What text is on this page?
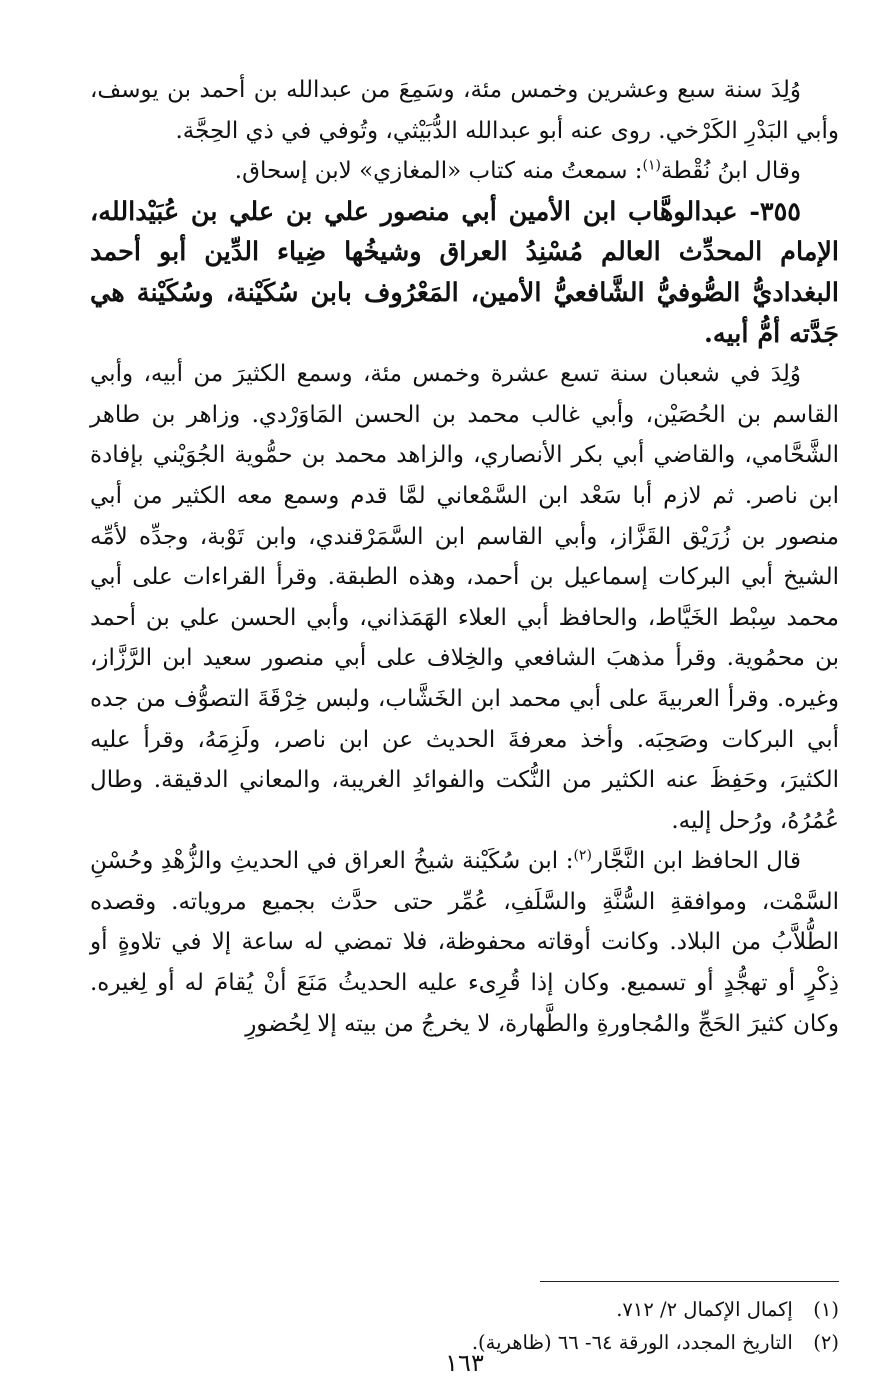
وُلِدَ سنة سبع وعشرين وخمس مئة، وسَمِعَ من عبدالله بن أحمد بن يوسف، وأبي البَدْرِ الكَرْخي. روى عنه أبو عبدالله الدُّبَيْثي، وتُوفي في ذي الحِجَّة.

وقال ابنُ نُقْطة$^{(١)}$: سمعتُ منه كتاب «المغازي» لابن إسحاق.

٣٥٥- عبدالوهَّاب ابن الأمين أبي منصور علي بن علي بن عُبَيْدالله، الإمام المحدِّث العالم مُسْنِدُ العراق وشيخُها ضِياء الدِّين أبو أحمد البغداديُّ الصُّوفيُّ الشَّافعيُّ الأمين، المَعْرُوف بابن سُكَيْنة، وسُكَيْنة هي جَدَّته أمُّ أبيه.

وُلِدَ في شعبان سنة تسع عشرة وخمس مئة، وسمع الكثيرَ من أبيه، وأبي القاسم بن الحُصَيْن، وأبي غالب محمد بن الحسن المَاوَرْدي. وزاهر بن طاهر الشَّحَّامي، والقاضي أبي بكر الأنصاري، والزاهد محمد بن حمُّوية الجُوَيْني بإفادة ابن ناصر. ثم لازم أبا سَعْد ابن السَّمْعاني لمَّا قدم وسمع معه الكثير من أبي منصور بن زُرَيْق القَزَّاز، وأبي القاسم ابن السَّمَرْقندي، وابن تَوْبة، وجدِّه لأمِّه الشيخ أبي البركات إسماعيل بن أحمد، وهذه الطبقة. وقرأ القراءات على أبي محمد سِبْط الخَيَّاط، والحافظ أبي العلاء الهَمَذاني، وأبي الحسن علي بن أحمد بن محمُوية. وقرأ مذهبَ الشافعي والخِلاف على أبي منصور سعيد ابن الرَّزَّاز، وغيره. وقرأ العربيةَ على أبي محمد ابن الخَشَّاب، ولبس خِرْقَةَ التصوُّف من جده أبي البركات وصَحِبَه. وأخذ معرفةَ الحديث عن ابن ناصر، ولَزِمَهُ، وقرأ عليه الكثيرَ، وحَفِظَ عنه الكثير من النُّكت والفوائدِ الغريبة، والمعاني الدقيقة. وطال عُمُرُهُ، ورُحل إليه.

قال الحافظ ابن النَّجَّار$^{(٢)}$: ابن سُكَيْنة شيخُ العراق في الحديثِ والزُّهْدِ وحُسْنِ السَّمْت، وموافقةِ السُّنَّةِ والسَّلَفِ، عُمِّر حتى حدَّث بجميع مروياته. وقصده الطُّلاَّبُ من البلاد. وكانت أوقاته محفوظة، فلا تمضي له ساعة إلا في تلاوةٍ أو ذِكْرٍ أو تهجُّدٍ أو تسميع. وكان إذا قُرِىء عليه الحديثُ مَنَعَ أنْ يُقامَ له أو لِغيره. وكان كثيرَ الحَجِّ والمُجاورةِ والطَّهارة، لا يخرجُ من بيته إلا لِحُضورِ

(١) إكمال الإكمال ٢/ ٧١٢.
(٢) التاريخ المجدد، الورقة ٦٤- ٦٦ (ظاهرية).
١٦٣
